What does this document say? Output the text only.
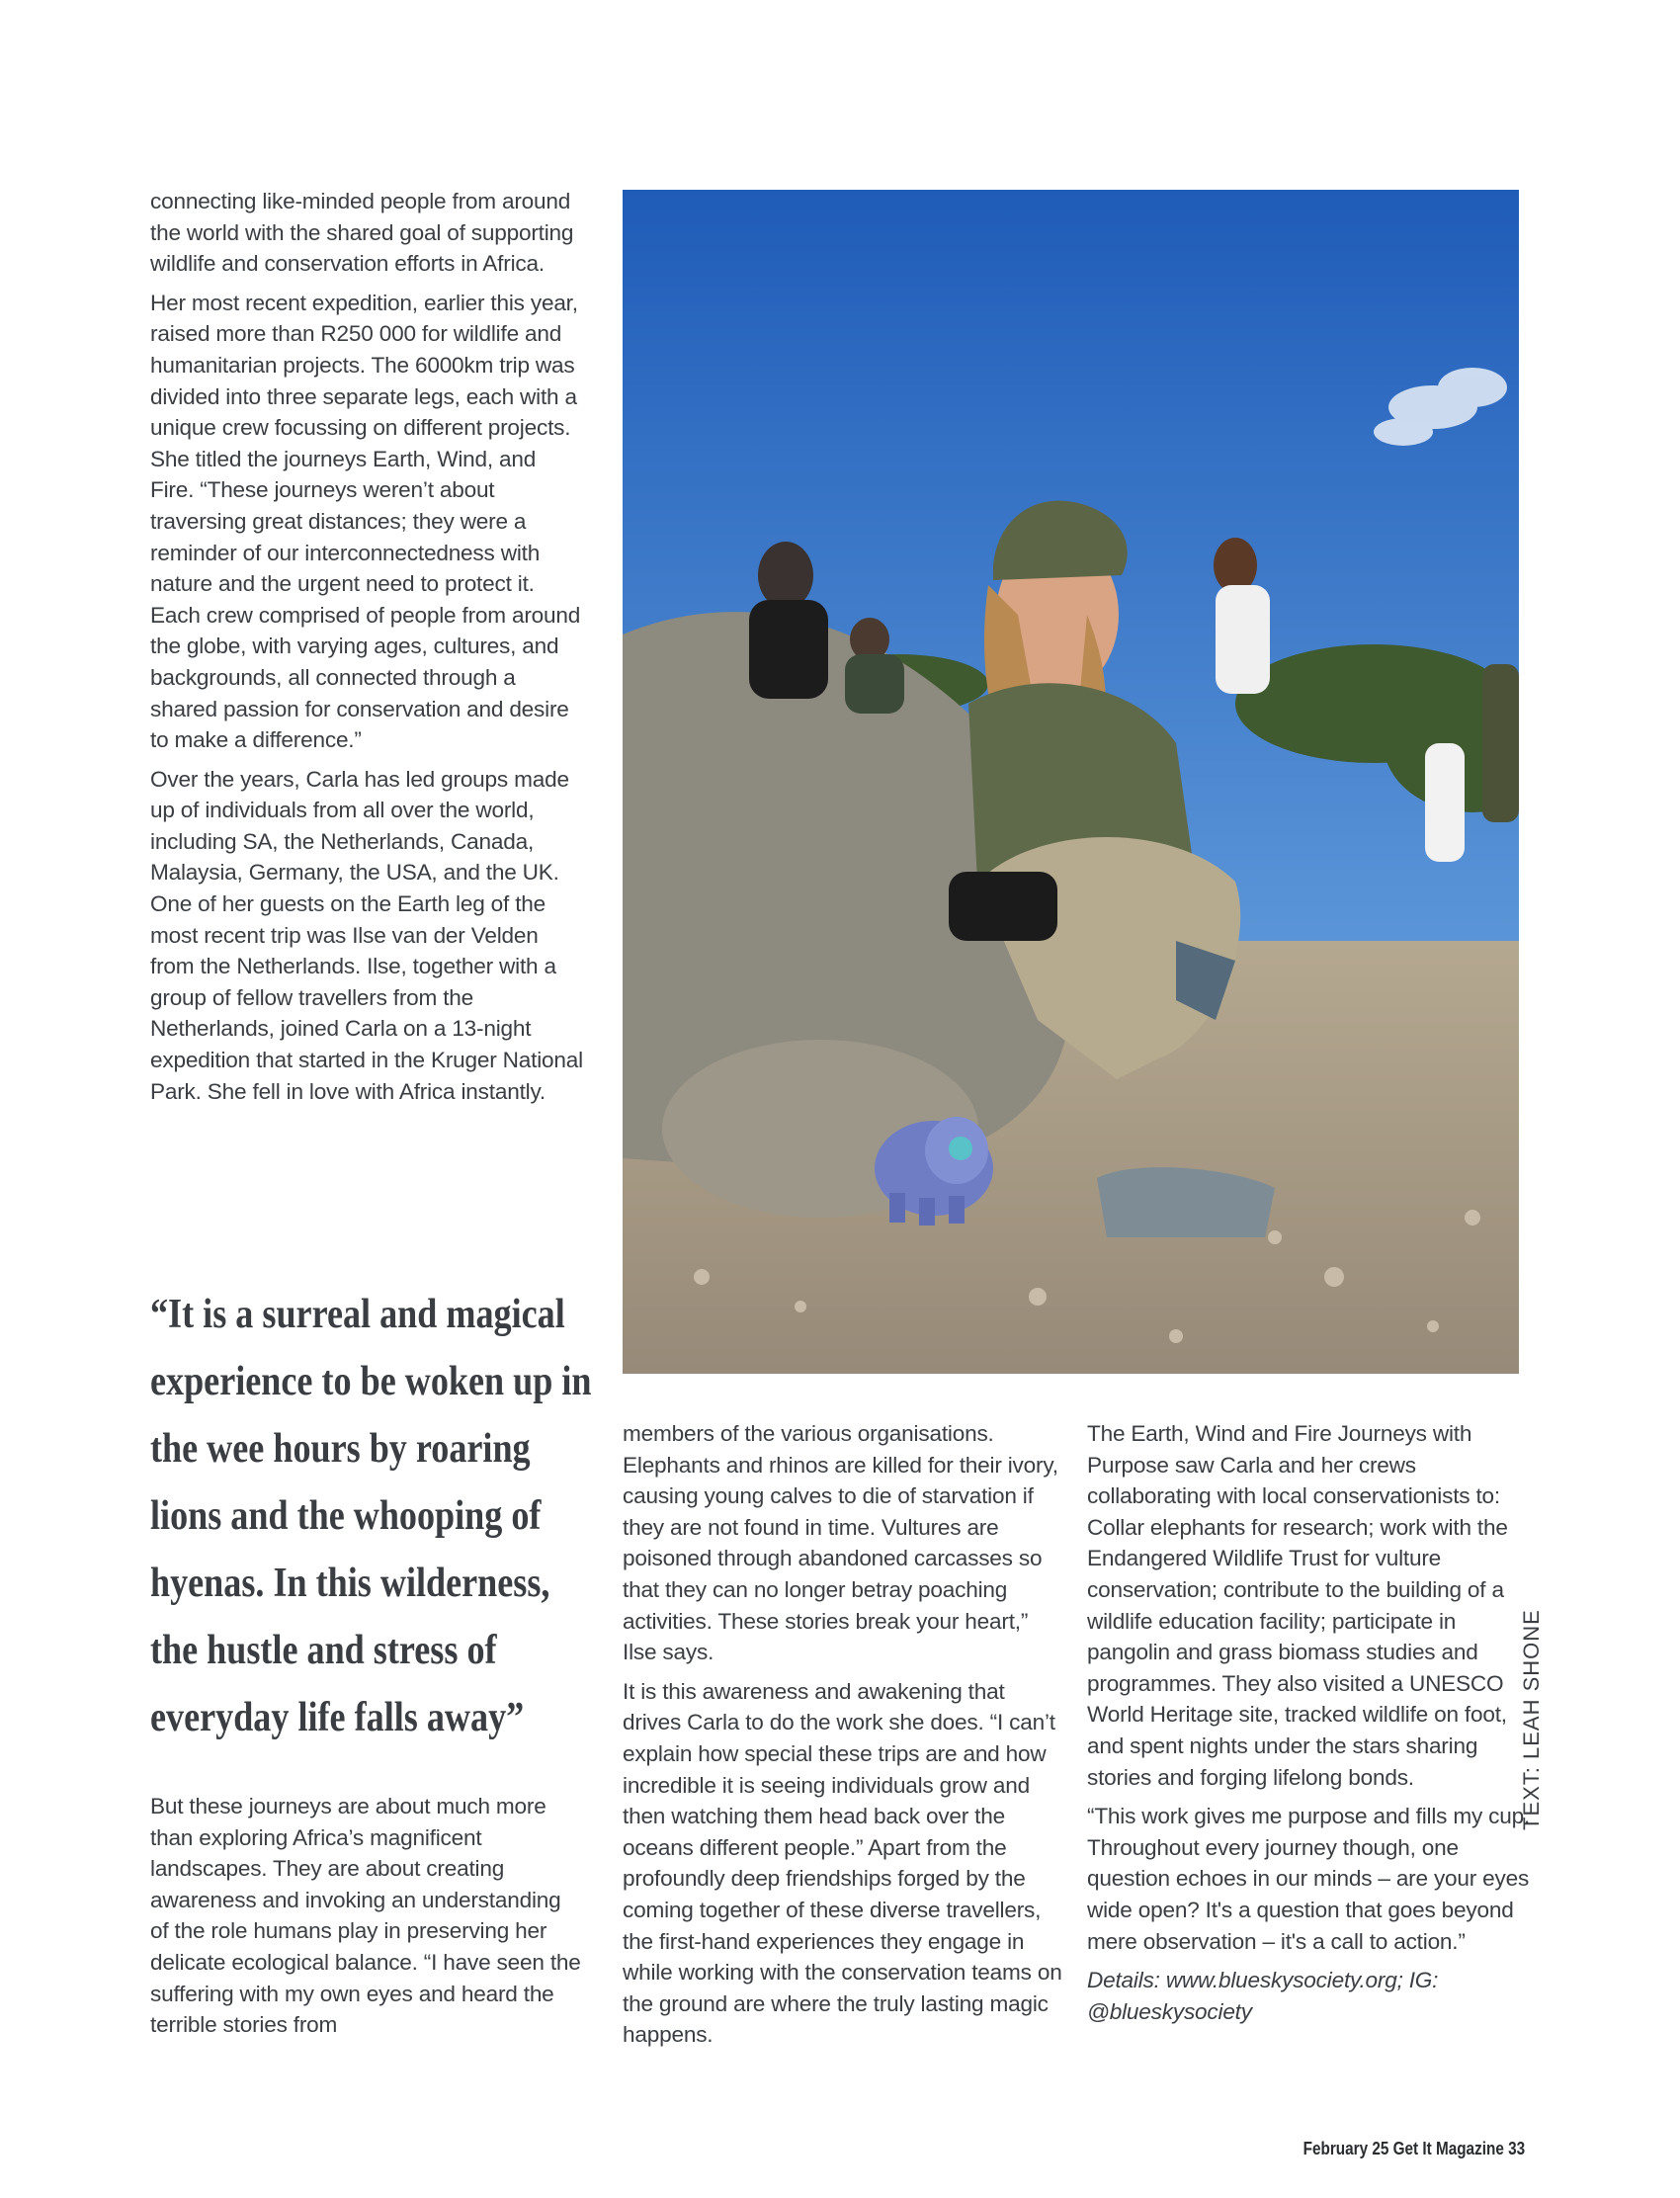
connecting like-minded people from around the world with the shared goal of supporting wildlife and conservation efforts in Africa.

Her most recent expedition, earlier this year, raised more than R250 000 for wildlife and humanitarian projects. The 6000km trip was divided into three separate legs, each with a unique crew focussing on different projects. She titled the journeys Earth, Wind, and Fire. “These journeys weren’t about traversing great distances; they were a reminder of our interconnectedness with nature and the urgent need to protect it. Each crew comprised of people from around the globe, with varying ages, cultures, and backgrounds, all connected through a shared passion for conservation and desire to make a difference.”

Over the years, Carla has led groups made up of individuals from all over the world, including SA, the Netherlands, Canada, Malaysia, Germany, the USA, and the UK. One of her guests on the Earth leg of the most recent trip was Ilse van der Velden from the Netherlands. Ilse, together with a group of fellow travellers from the Netherlands, joined Carla on a 13-night expedition that started in the Kruger National Park. She fell in love with Africa instantly.

“It is a surreal and magical experience to be woken up in the wee hours by roaring lions and the whooping of hyenas. In this wilderness, the hustle and stress of everyday life falls away”

But these journeys are about much more than exploring Africa’s magnificent landscapes. They are about creating awareness and invoking an understanding of the role humans play in preserving her delicate ecological balance. “I have seen the suffering with my own eyes and heard the terrible stories from

members of the various organisations. Elephants and rhinos are killed for their ivory, causing young calves to die of starvation if they are not found in time. Vultures are poisoned through abandoned carcasses so that they can no longer betray poaching activities. These stories break your heart,” Ilse says.

It is this awareness and awakening that drives Carla to do the work she does. “I can’t explain how special these trips are and how incredible it is seeing individuals grow and then watching them head back over the oceans different people.” Apart from the profoundly deep friendships forged by the coming together of these diverse travellers, the first-hand experiences they engage in while working with the conservation teams on the ground are where the truly lasting magic happens.

The Earth, Wind and Fire Journeys with Purpose saw Carla and her crews collaborating with local conservationists to: Collar elephants for research; work with the Endangered Wildlife Trust for vulture conservation; contribute to the building of a wildlife education facility; participate in pangolin and grass biomass studies and programmes. They also visited a UNESCO World Heritage site, tracked wildlife on foot, and spent nights under the stars sharing stories and forging lifelong bonds.

“This work gives me purpose and fills my cup. Throughout every journey though, one question echoes in our minds – are your eyes wide open? It's a question that goes beyond mere observation – it's a call to action.”

Details: www.blueskysociety.org; IG: @blueskysociety

TEXT: LEAH SHONE
February 25 Get It Magazine 33
